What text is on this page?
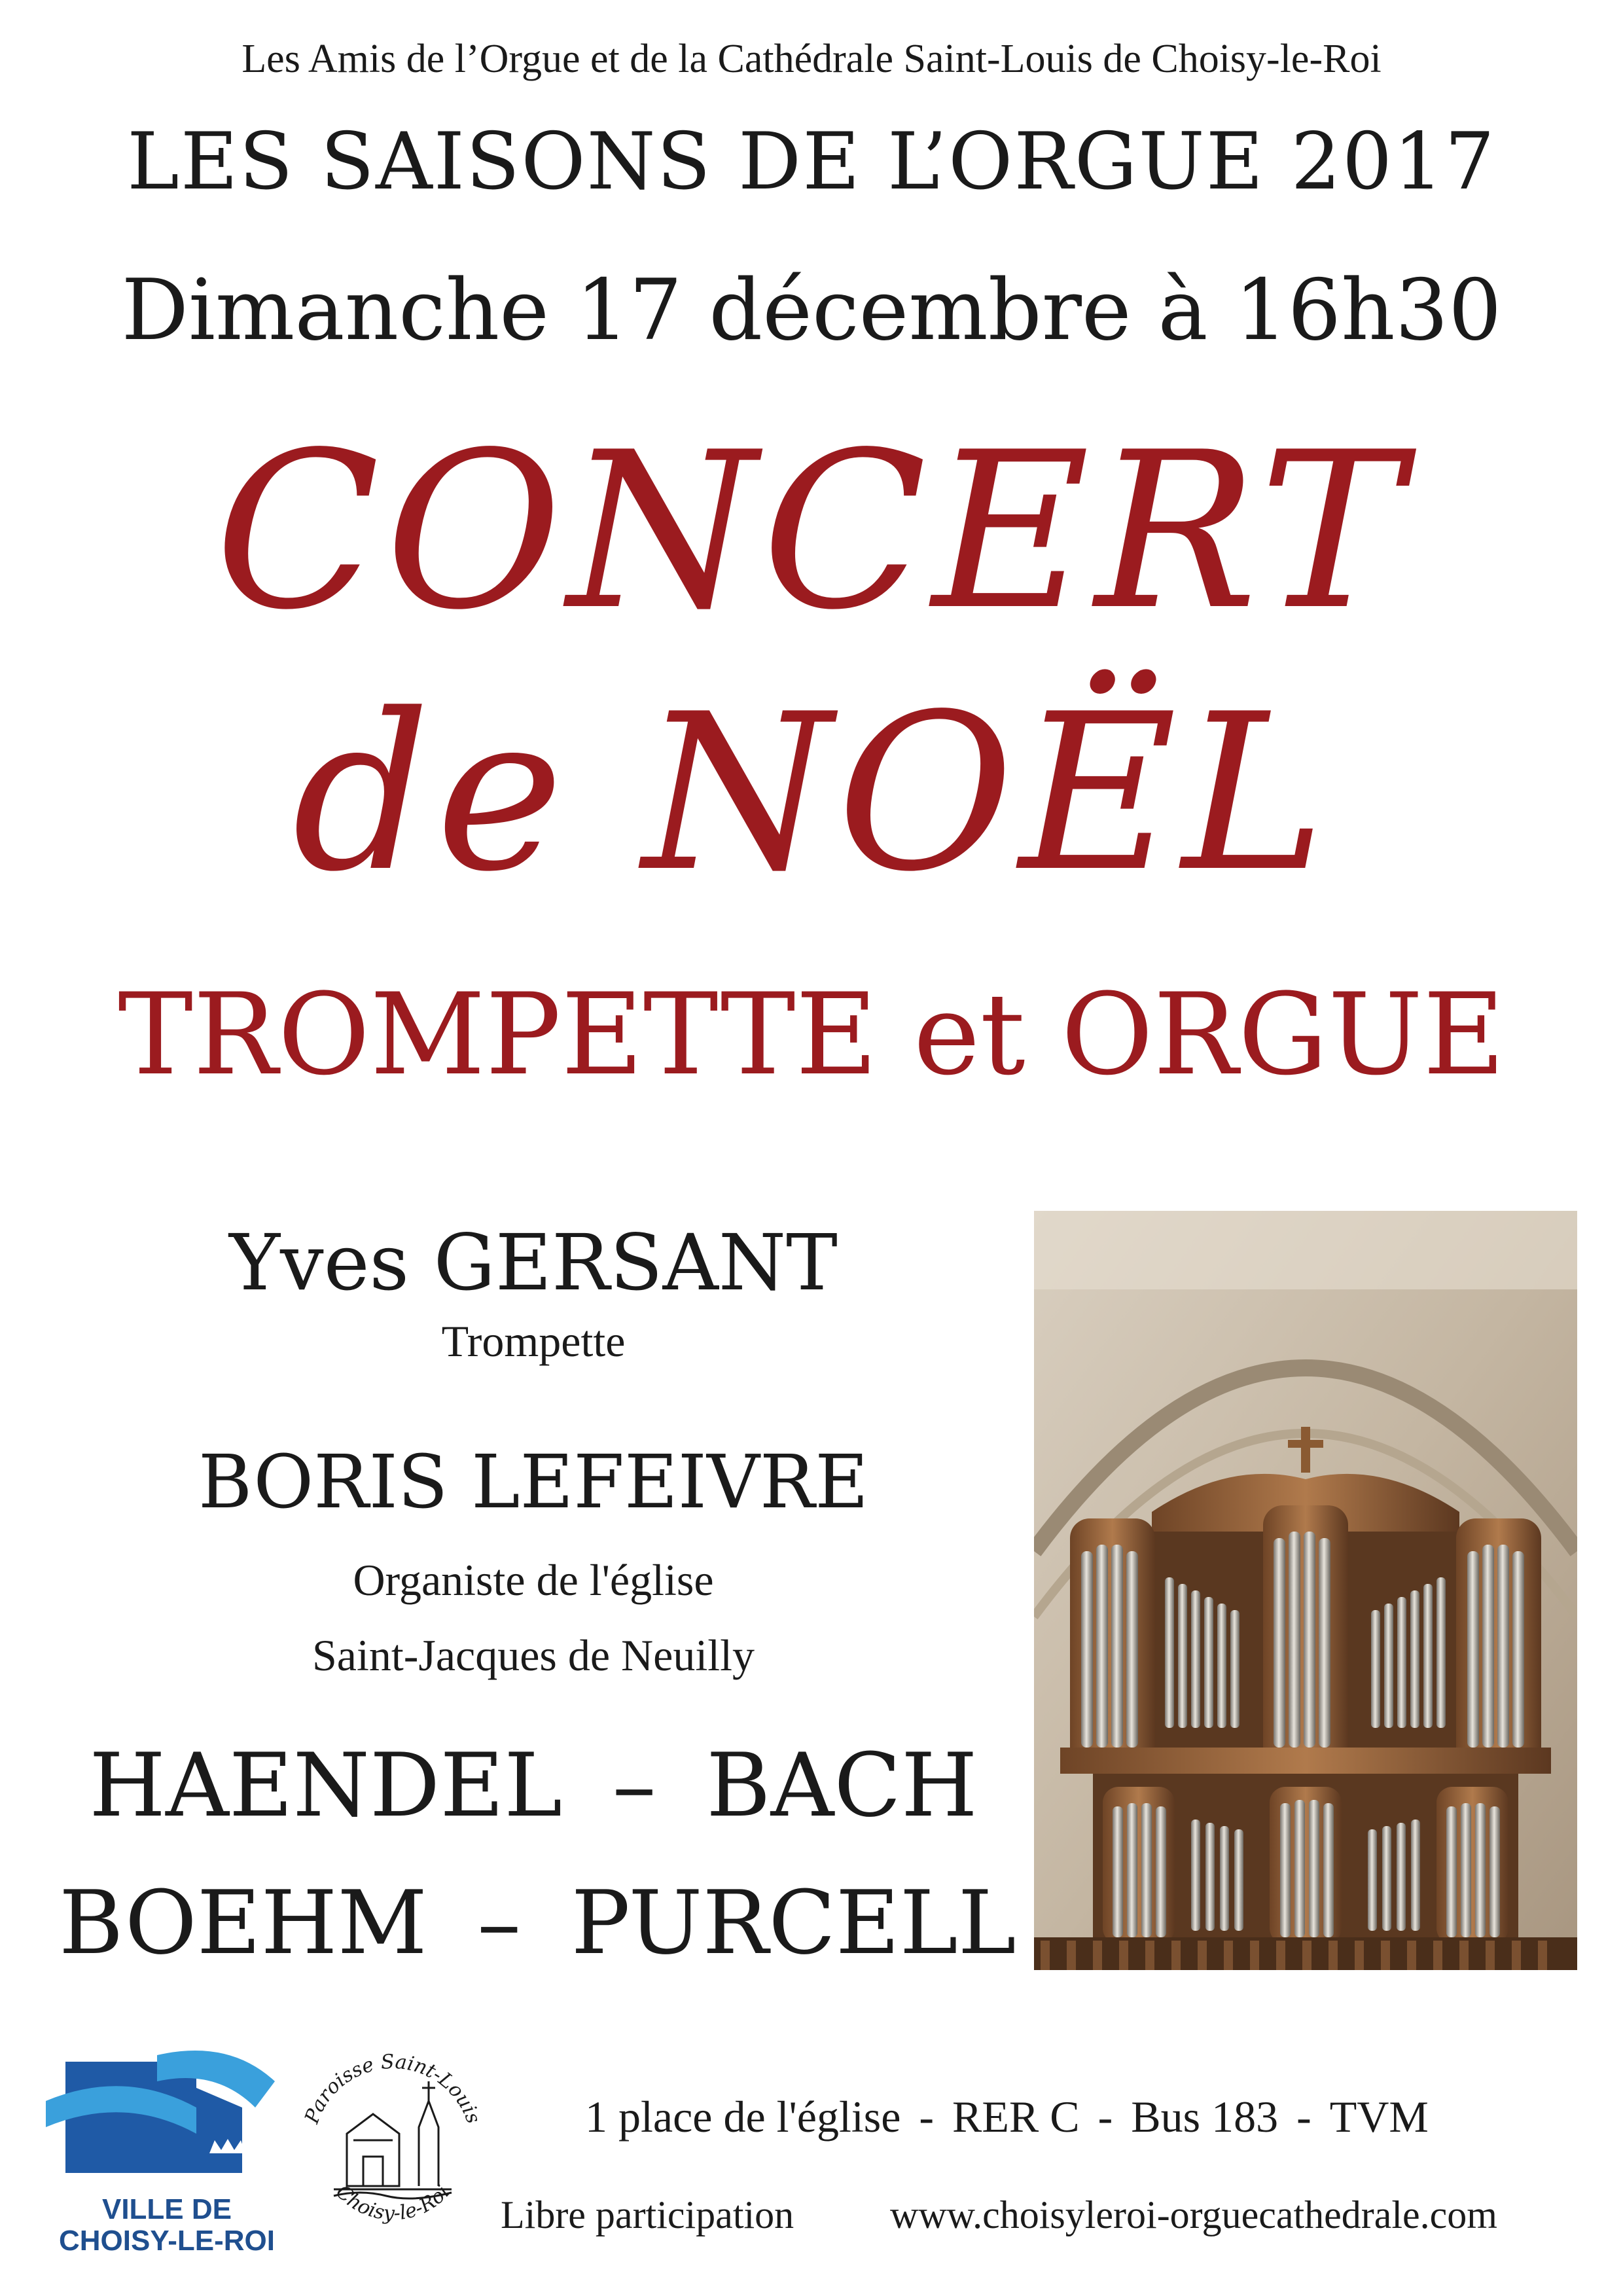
Les Amis de l’Orgue et de la Cathédrale Saint-Louis de Choisy-le-Roi
LES SAISONS DE L’ORGUE 2017
Dimanche 17 décembre à 16h30
CONCERT
de NOËL
TROMPETTE et ORGUE
Yves GERSANT
Trompette
BORIS LEFEIVRE
Organiste de l'église
Saint-Jacques de Neuilly
HAENDEL – BACH
BOEHM – PURCELL
VILLE DE
CHOISY-LE-ROI
Paroisse Saint-Louis
Choisy-le-Roi
1 place de l'église - RER C - Bus 183 - TVM
Libre participation www.choisyleroi-orguecathedrale.com
